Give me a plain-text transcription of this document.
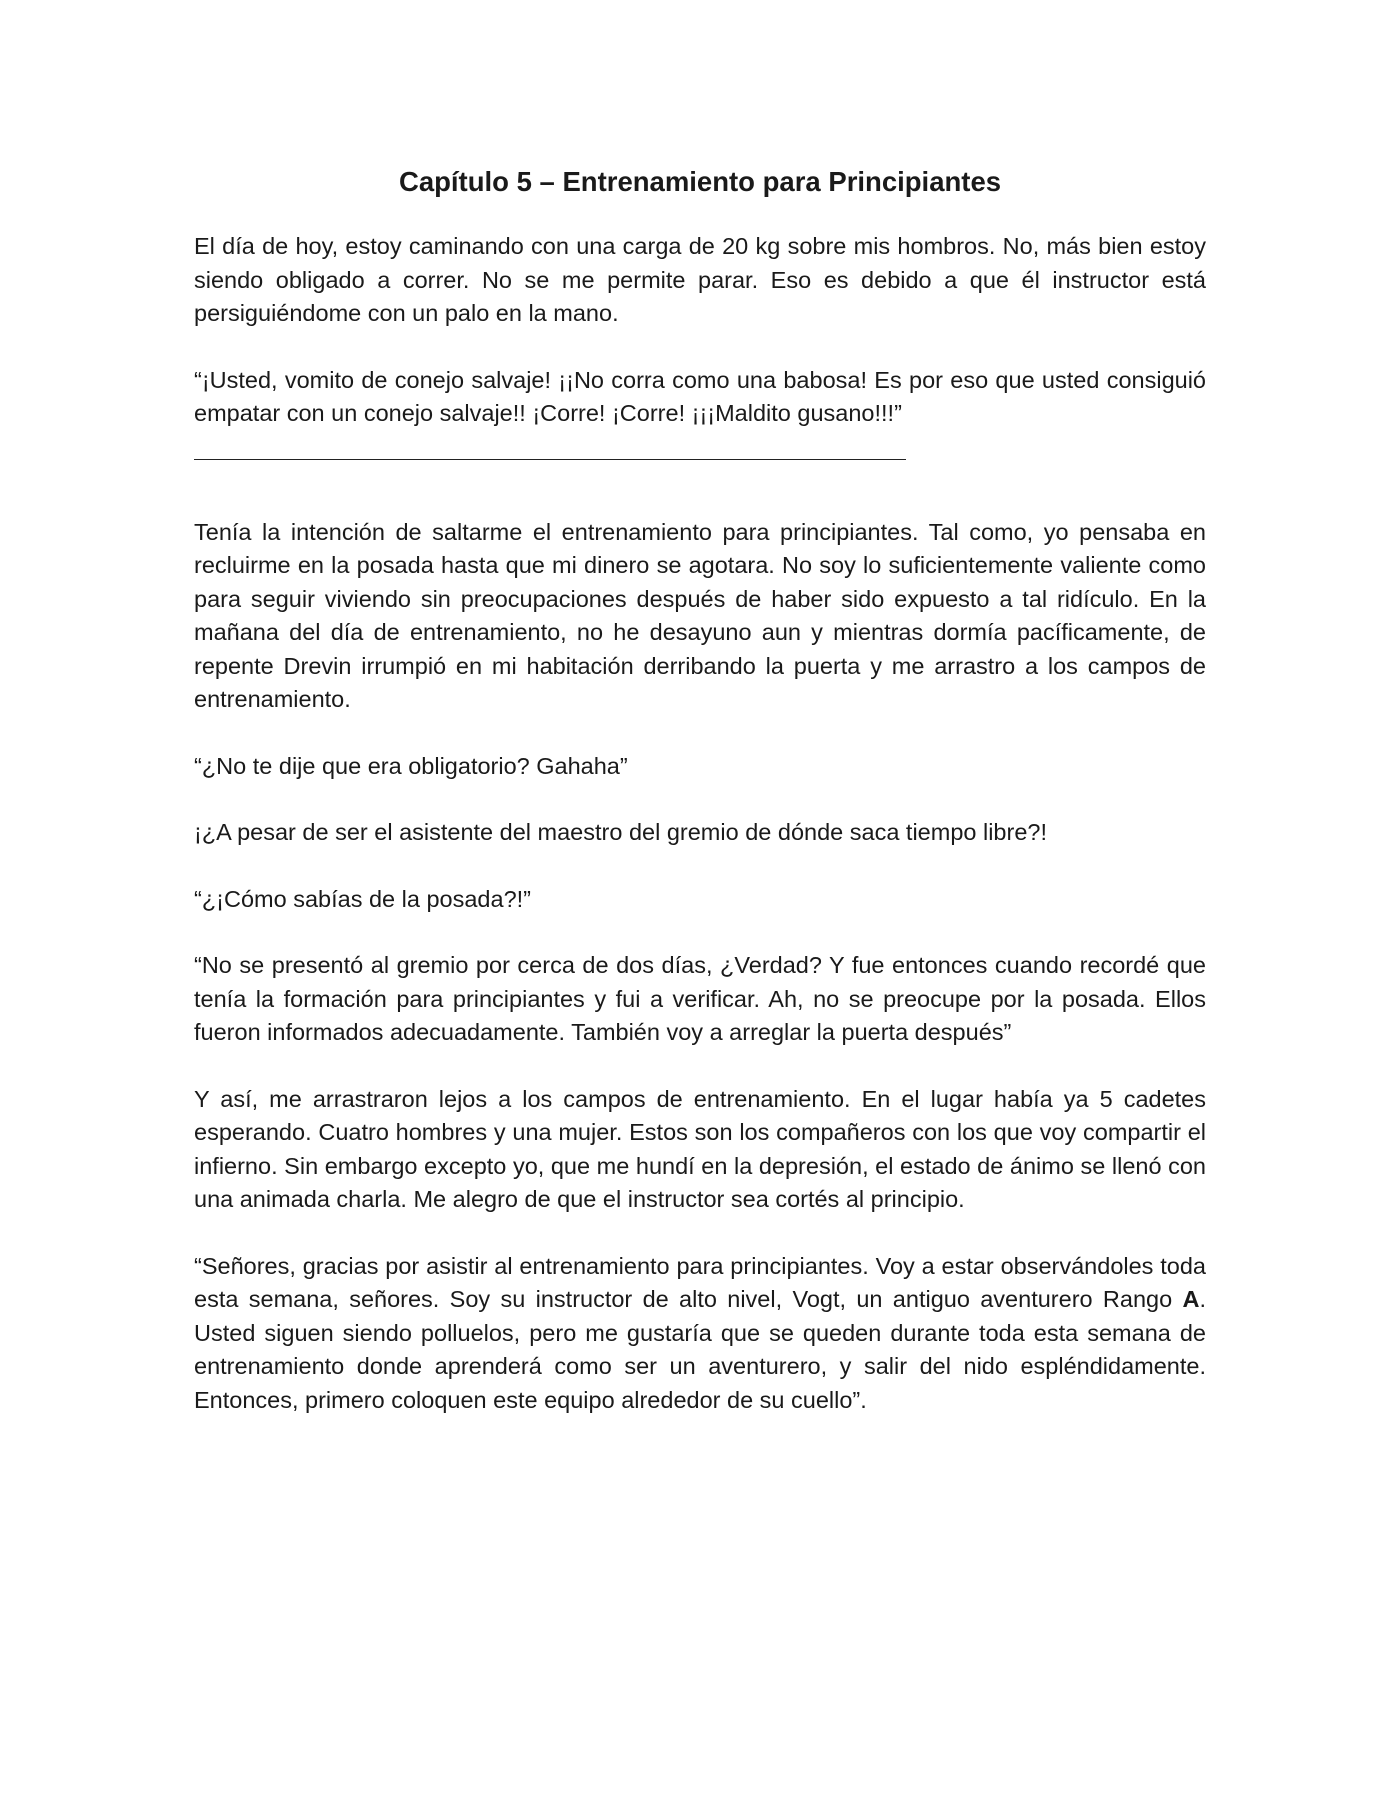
Capítulo 5 – Entrenamiento para Principiantes

El día de hoy, estoy caminando con una carga de 20 kg sobre mis hombros. No, más bien estoy siendo obligado a correr. No se me permite parar. Eso es debido a que él instructor está persiguiéndome con un palo en la mano.

“¡Usted, vomito de conejo salvaje! ¡¡No corra como una babosa! Es por eso que usted consiguió empatar con un conejo salvaje!! ¡Corre! ¡Corre! ¡¡¡Maldito gusano!!!”

Tenía la intención de saltarme el entrenamiento para principiantes. Tal como, yo pensaba en recluirme en la posada hasta que mi dinero se agotara. No soy lo suficientemente valiente como para seguir viviendo sin preocupaciones después de haber sido expuesto a tal ridículo. En la mañana del día de entrenamiento, no he desayuno aun y mientras dormía pacíficamente, de repente Drevin irrumpió en mi habitación derribando la puerta y me arrastro a los campos de entrenamiento.

“¿No te dije que era obligatorio? Gahaha”

¡¿A pesar de ser el asistente del maestro del gremio de dónde saca tiempo libre?!

“¿¡Cómo sabías de la posada?!”

“No se presentó al gremio por cerca de dos días, ¿Verdad? Y fue entonces cuando recordé que tenía la formación para principiantes y fui a verificar. Ah, no se preocupe por la posada. Ellos fueron informados adecuadamente. También voy a arreglar la puerta después”

Y así, me arrastraron lejos a los campos de entrenamiento. En el lugar había ya 5 cadetes esperando. Cuatro hombres y una mujer. Estos son los compañeros con los que voy compartir el infierno. Sin embargo excepto yo, que me hundí en la depresión, el estado de ánimo se llenó con una animada charla. Me alegro de que el instructor sea cortés al principio.

“Señores, gracias por asistir al entrenamiento para principiantes. Voy a estar observándoles toda esta semana, señores. Soy su instructor de alto nivel, Vogt, un antiguo aventurero Rango A. Usted siguen siendo polluelos, pero me gustaría que se queden durante toda esta semana de entrenamiento donde aprenderá como ser un aventurero, y salir del nido espléndidamente. Entonces, primero coloquen este equipo alrededor de su cuello”.
